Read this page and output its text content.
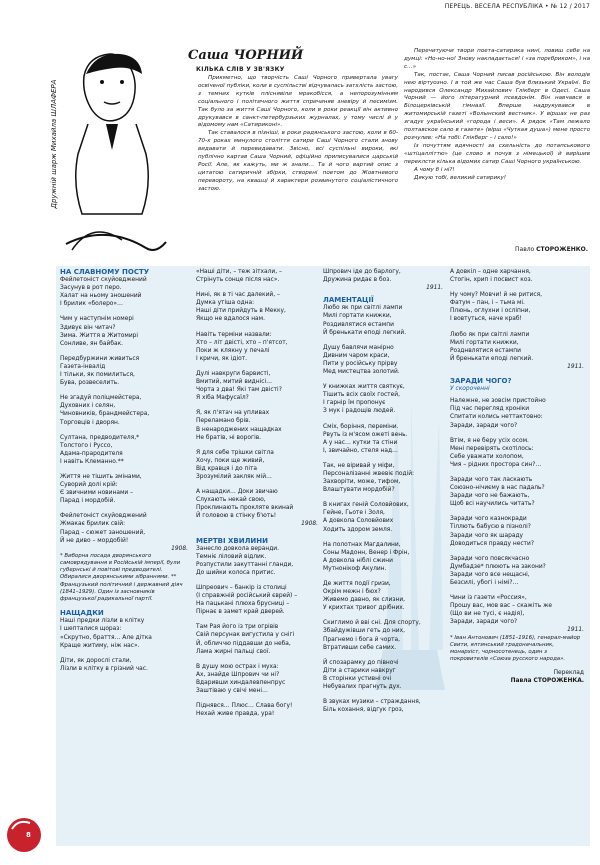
ПЕРЕЦЬ. ВЕСЕЛА РЕСПУБЛІКА • № 12 / 2017
Дружній шарж Михайла ШЛАФЕРА
Саша ЧОРНИЙ
КІЛЬКА СЛІВ У ЗВ'ЯЗКУ

Прикметно, що творчість Саші Чорного привертала увагу освіченої публіки, коли в суспільстві відчувалась затхлість застою, з темних кутків пліснявіли мракобісся, а непорозумінням соціального і політичного життя спричиняв зневіру й песимізм. Так було за життя Саші Чорного, коли в роки реакції він активно друкувався в санкт-петербурзьких журналах, у тому числі й у відомому нам «Сатириконі».

Так ставалося в пізніші, в роки радянського застою, коли в 60-70-х роках минулого століття сатири Саші Чорного стали знову видавати й перевидавати. Звісно, всі суспільні вироки, які публічно картав Саша Чорний, офіційно приписувалися царській Росії. Але, як кажуть, ми ж знали… Та й чого вартий опис з цитатою сатиричній збірки, створені поетом до Жовтневого перевороту, на квашці й характери розвинутого соціалістичного застою.

Перечитуючи твори поета-сатирика нині, ловиш себе на думці: «Но-но-но! Знову накладається! і «за порєбриком», і на с…»

Так, постає, Саша Чорний писав російською. Він володів нею віртуозно. І в той же час Саша був близький Україні. Бо народився Олександр Михайлович Глікберг в Одесі. Саша Чорний — його літературний псевдонім. Він навчався в Білоцерківській гімназії. Вперше надрукувався в житомирській газеті «Волынский вестник». У віршах не раз згадує український «города і веси». А рядок «Там лежало полтавское сало в газете» (вірш «Чуткая душа») мене просто розчулив: «На тобі: Глікберг – і сало!»

Із почуттям вдячності за схильність до потапськового «штіцалліттю» (це слово я почув з німецької) й вирішив переклсти кілька відомих сатир Саші Чорного українською.

А чому б і ні?!

Дякую тобі, великий сатирику!

Павло СТОРОЖЕНКО.

НА СЛАВНОМУ ПОСТУ

Фейлетоніст скуйовджений

Засунув в рот перо.

Халат на ньому зношений

І брилик «болеро»…

Чим у наступнім номері

Здивує він читач?

Зима. Життя в Житомирі

Сонливе, ян байбак.

Передбуржини живиться

Газета-інвалід

І тільки, як помилиться,

Бува, розвеселить.

Не згадуй поліцмейстера,

Духовних і селян,

Чиновників, брандмейстера,

Торговців і дворян.

Султана, предводителя,*

Толстого і Руссо,

Адама-прародителя

І навіть Клеманно.**

Життя не тішить змінами,

Суворий долі крій:

Є звичними новинами –

Парад і мордобій.

Фейлетоніст скуйовджений

Жмакає брилик свій:

Парад – сюжет заношений,

Й не диво – мордобій!

1908.

* Виборна посада дворянського самоврядування в Російській імперії, були губернські й повітові предводителі. Обиралися дворянськими зібраннями. ** Французький політичний і державний діяч (1841–1929). Один із засновників французької радикальної партії.

НАЩАДКИ

Наші предки лізли в клітку

І шепталися щораз:

«Скрутно, браття… Але дітка

Краще житиму, ніж нас».

Діти, як дорослі стали,

Лізли в клітку в грізний час.

«Наші діти, – теж зітхали, –

Стрінуть сонце після нас».

Нині, як в ті час далекий, –

Думка утіша одна:

Наші діти прийдуть в Мекку,

Якщо не вдалося нам.

Навіть терміни назвали:

Хто – літ двісті, хто – п'ятсот,

Поки ж клякну у печалі

І кричи, як ідіот.

Дулі навкруги барвисті,

Вмитий, митий виднісі…

Чорта з два! Які там двісті?

Я хіба Мафусаїл?

Я, як п'ятач на упливах

Переламано брів.

В ненароджених нащадках

Не братів, ні ворогів.

Я для себе трішки світла

Хочу, поки ще живий,

Від кравця і до піта

Зрозумілий закляк мій…

А нащадки… Доки звичаю

Слухають некай свою,

Проклинають прокляте вкинай

Й головою в стінку б'ють!

1908.

МЕРТВІ ХВИЛИНИ

Занесло довкола веранди.

Темніє ліловий відлик.

Розпустили закуттанні гланди,

До шийки колоса притис.

Шпреович – банкір із столиці

(І справжній російський єврей) –

На пацькані плюха брусниці –

Пірнає в замет край дверей.

Там Рая його із три огрівів

Свій персунак вигустила у снігі

Й, обличчю піддавши до неба,

Лама жирні пальці свої.

В душу мою острах і муха:

Ах, знайде Шпрович чи ні?

Вдаривши хиндалевпенпрус

Заштіваю у свічі мені…

Піднявся… Плюс… Слава богу!

Нехай живе правда, ура!

Шпрович іде до барлогу,

Дружина ридає в боз.

1911.

ЛАМЕНТАЦІЇ

Любо як при світлі лампи

Милі гортати книжки,

Роздивлятися естампи

Й бренькати еподі легкий.

Душу бавлячи манірно

Дивним чаром краси,

Пити у російську прірву

Мед мистецтва золотий.

У книжках життя святкує,

Тішить всіх своїх гостей,

І гарнір їм пропонує

З мук і радощів людей.

Сміх, боріння, переміни.

Рвуть із м'ясом ожеті вень.

А у нас… кутки та стіни

І, звичайно, стеля над…

Так, не віривай у міфи,

Персоналізанні жвевіє подій:

Захворіти, може, тифом,

Влаштувати мордобій?

В книгах геній Соловйових,

Гейне, Гьоте і Золя,

А довкола Соловйових

Ходить здором земля.

На полотнах Магдалини,

Соны Мадонн, Венер і Фрін,

А довкола ніблі сжини

Мутнонікоф Акулин.

Де життя події гризи,

Окрім межн і бюх?

Живемо давно, як слизни,

У крихтах тривог дрібних.

Скиглимо й вві сні. Для спорту,

Збайдужівши геть до них,

Прагнемо і бога й чорта,

Втративши себе самих.

Й спозарамку до півночі

Діти а старики навкруг

В сторінки устивні очі

Небувалих прагнуть дух.

В звуках музики – страждання,

Біль кохання, відгук гроз,

А довкіл – одне харчання,

Стогін, хрип і посвист коз.

Ну чому? Мовчи! й не ритися,

Фатум – пан, і – тьма мі.

Плюнь, оглухни і осліпни,

І вовтуться, наче краб!

Любо як при світлі лампи

Милі гортати книжки,

Розднвлятися естампи

Й бренькати еподі легкий.

1911.

ЗАРАДИ ЧОГО?

У скороченні

Належне, не зовсім пристойно

Під час перегляд хроніки

Спитати колись неттактовно:

Заради, заради чого?

Втім, я не беру усіх осом.

Мені перевірять скотілось:

Себе уважати холопом,

Чия – рідних простора син?…

Заради чого так ласкають

Союзно-нічиєму в нас падаль?

Заради чого не бажають,

Щоб всі научились читать?

Заради чого казнокради

Тіллють бабусю в пізнолі?

Заради чого як шараду

Доводиться правду нести?

Заради чого повсякчасно

Думбадзе* плюють на закони?

Заради чого все нещасні,

Безсилі, убогі і німі?…

Чини із газети «Россия»,

Прошу вас, мов вас – скажіть же

(Що ви не тусі, є надія),

Заради, заради чого?

1911.

* Іван Антонович (1851–1916), генерал-майор Свити, ялтинський градоначальник, монархіст, чорносотенець, один з покровителів «Союза русского народа».

Переклад

Павла СТОРОЖЕНКА.

8
